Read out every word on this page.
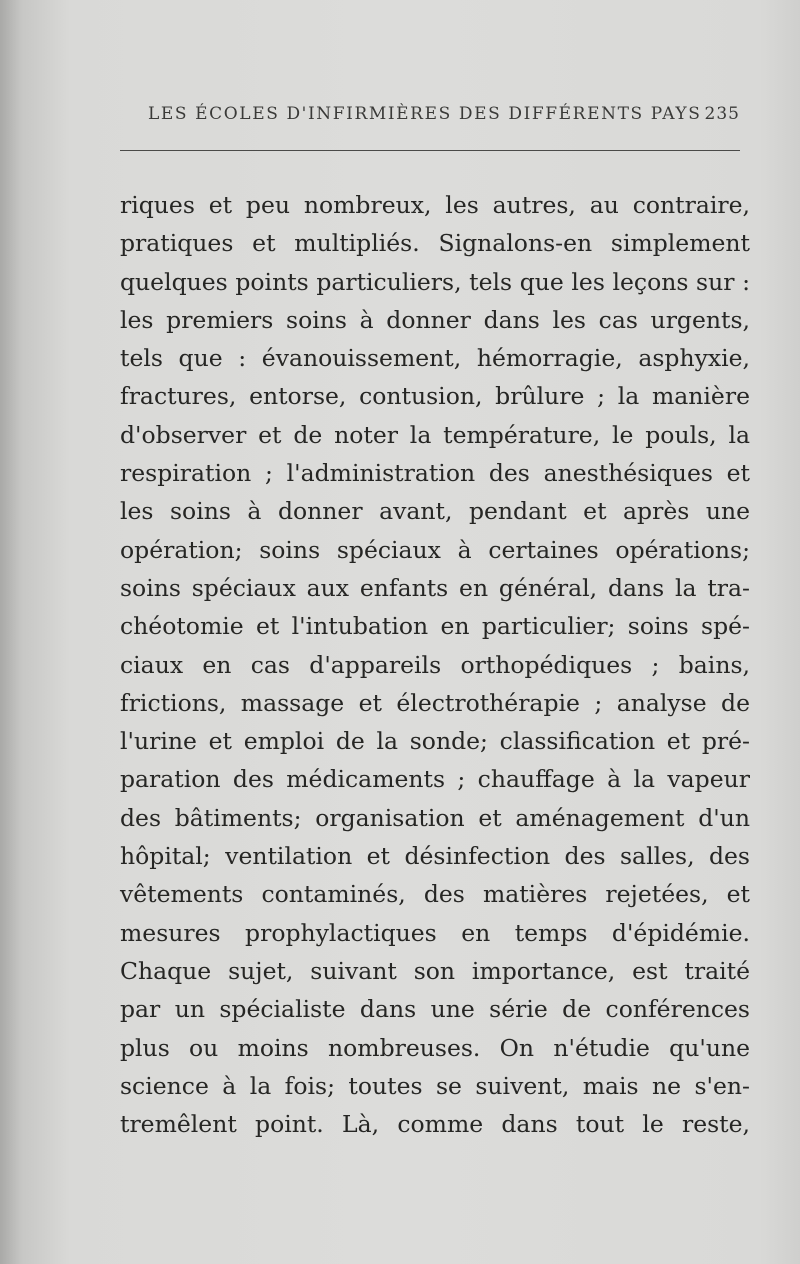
LES ÉCOLES D'INFIRMIÈRES DES DIFFÉRENTS PAYS 235
riques et peu nombreux, les autres, au contraire,
pratiques et multipliés. Signalons-en simplement
quelques points particuliers, tels que les leçons sur :
les premiers soins à donner dans les cas urgents,
tels que : évanouissement, hémorragie, asphyxie,
fractures, entorse, contusion, brûlure ; la manière
d'observer et de noter la température, le pouls, la
respiration ; l'administration des anesthésiques et
les soins à donner avant, pendant et après une
opération; soins spéciaux à certaines opérations;
soins spéciaux aux enfants en général, dans la tra-
chéotomie et l'intubation en particulier; soins spé-
ciaux en cas d'appareils orthopédiques ; bains,
frictions, massage et électrothérapie ; analyse de
l'urine et emploi de la sonde; classification et pré-
paration des médicaments ; chauffage à la vapeur
des bâtiments; organisation et aménagement d'un
hôpital; ventilation et désinfection des salles, des
vêtements contaminés, des matières rejetées, et
mesures prophylactiques en temps d'épidémie.
Chaque sujet, suivant son importance, est traité
par un spécialiste dans une série de conférences
plus ou moins nombreuses. On n'étudie qu'une
science à la fois; toutes se suivent, mais ne s'en-
tremêlent point. Là, comme dans tout le reste,
